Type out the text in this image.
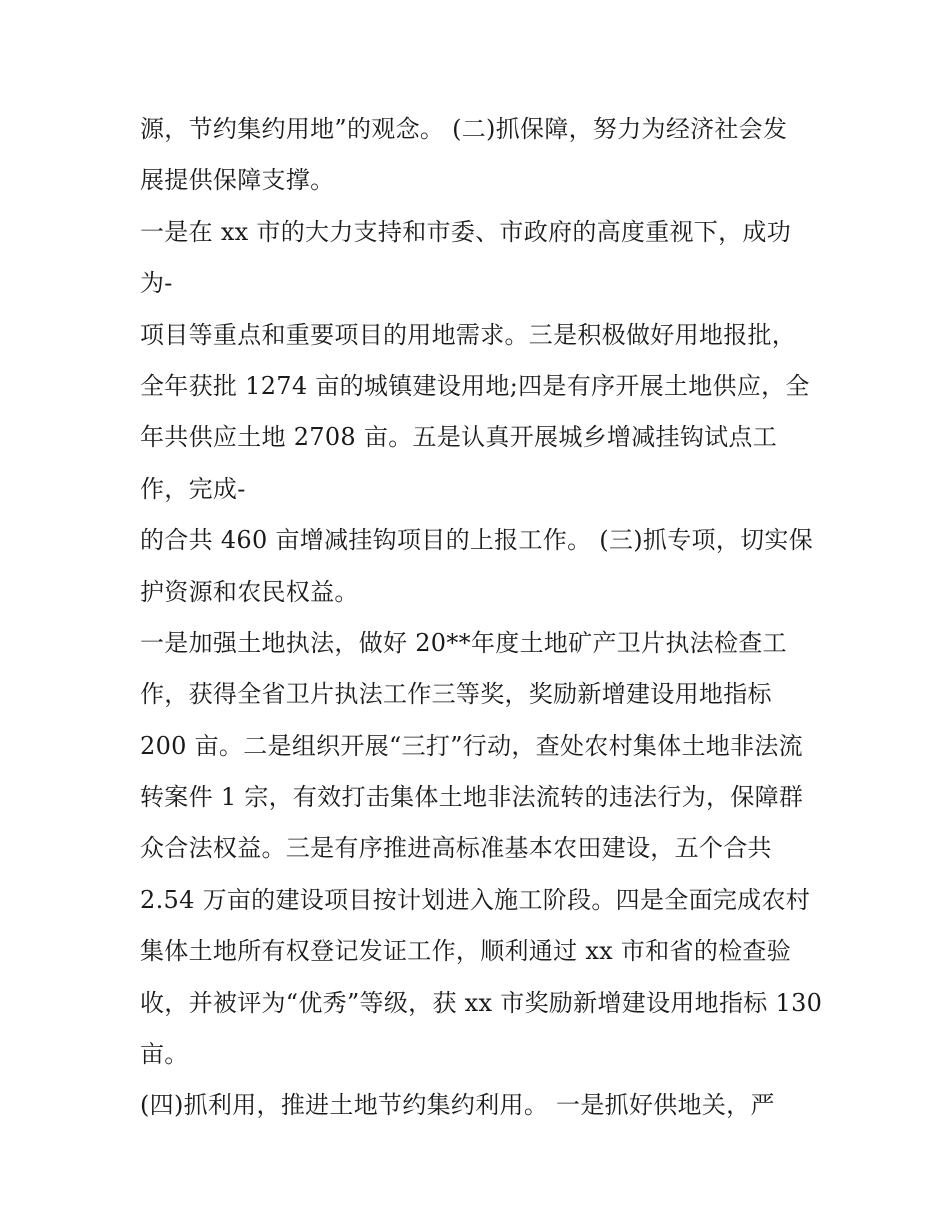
源，节约集约用地”的观念。 (二)抓保障，努力为经济社会发
展提供保障支撑。
一是在 xx 市的大力支持和市委、市政府的高度重视下，成功
为-
项目等重点和重要项目的用地需求。三是积极做好用地报批，
全年获批 1274 亩的城镇建设用地;四是有序开展土地供应，全
年共供应土地 2708 亩。五是认真开展城乡增减挂钩试点工
作，完成-
的合共 460 亩增减挂钩项目的上报工作。 (三)抓专项，切实保
护资源和农民权益。
一是加强土地执法，做好 20**年度土地矿产卫片执法检查工
作，获得全省卫片执法工作三等奖，奖励新增建设用地指标
200 亩。二是组织开展“三打”行动，查处农村集体土地非法流
转案件 1 宗，有效打击集体土地非法流转的违法行为，保障群
众合法权益。三是有序推进高标准基本农田建设，五个合共
2.54 万亩的建设项目按计划进入施工阶段。四是全面完成农村
集体土地所有权登记发证工作，顺利通过 xx 市和省的检查验
收，并被评为“优秀”等级，获 xx 市奖励新增建设用地指标 130
亩。
(四)抓利用，推进土地节约集约利用。 一是抓好供地关，严
